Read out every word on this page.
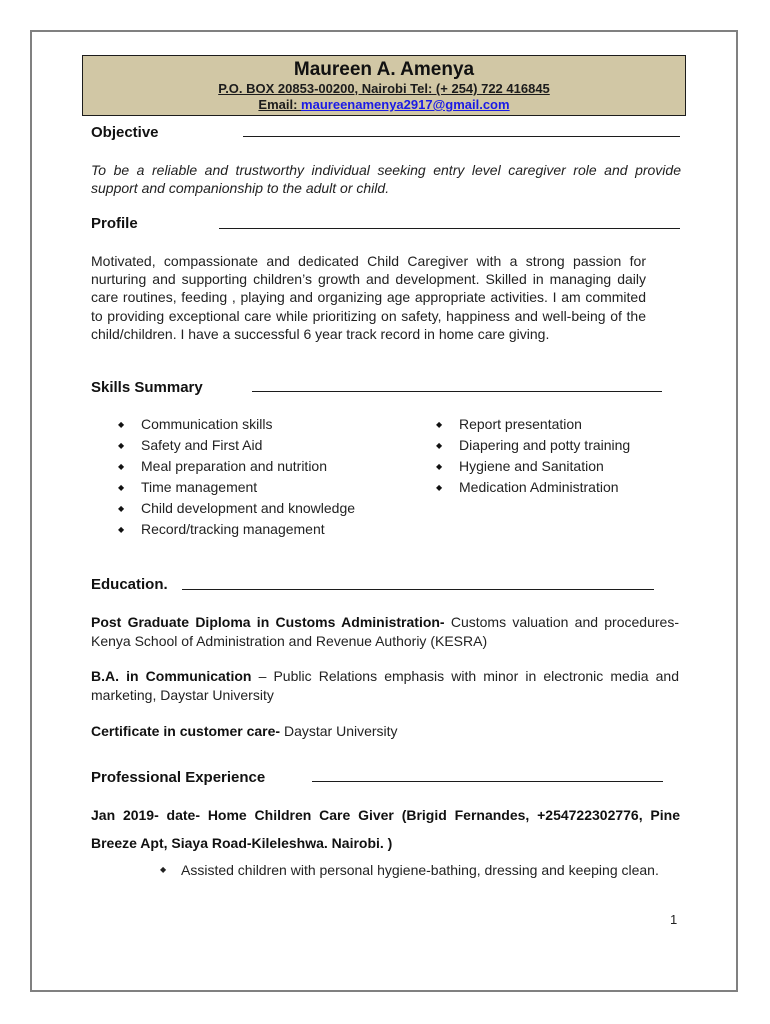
Maureen A. Amenya
P.O. BOX 20853-00200, Nairobi Tel: (+ 254) 722 416845
Email: maureenamenya2917@gmail.com
Objective
To be a reliable and trustworthy individual seeking entry level caregiver role and provide support and companionship to the adult or child.
Profile
Motivated, compassionate and dedicated Child Caregiver with a strong passion for nurturing and supporting children’s growth and development. Skilled in managing daily care routines, feeding , playing and organizing age appropriate activities. I am commited to providing exceptional care while prioritizing on safety, happiness and well-being of the child/children. I have a successful 6 year track record in home care giving.
Skills Summary
◆ Communication skills
◆ Safety and First Aid
◆ Meal preparation and nutrition
◆ Time management
◆ Child development and knowledge
◆ Record/tracking management
◆ Report presentation
◆ Diapering and potty training
◆ Hygiene and Sanitation
◆ Medication Administration
Education.
Post Graduate Diploma in Customs Administration- Customs valuation and procedures-Kenya School of Administration and Revenue Authoriy (KESRA)
B.A. in Communication – Public Relations emphasis with minor in electronic media and marketing, Daystar University
Certificate in customer care- Daystar University
Professional Experience
Jan 2019- date- Home Children Care Giver (Brigid Fernandes, +254722302776, Pine Breeze Apt, Siaya Road-Kileleshwa. Nairobi. )
◆	Assisted children with personal hygiene-bathing, dressing and keeping clean.
1
